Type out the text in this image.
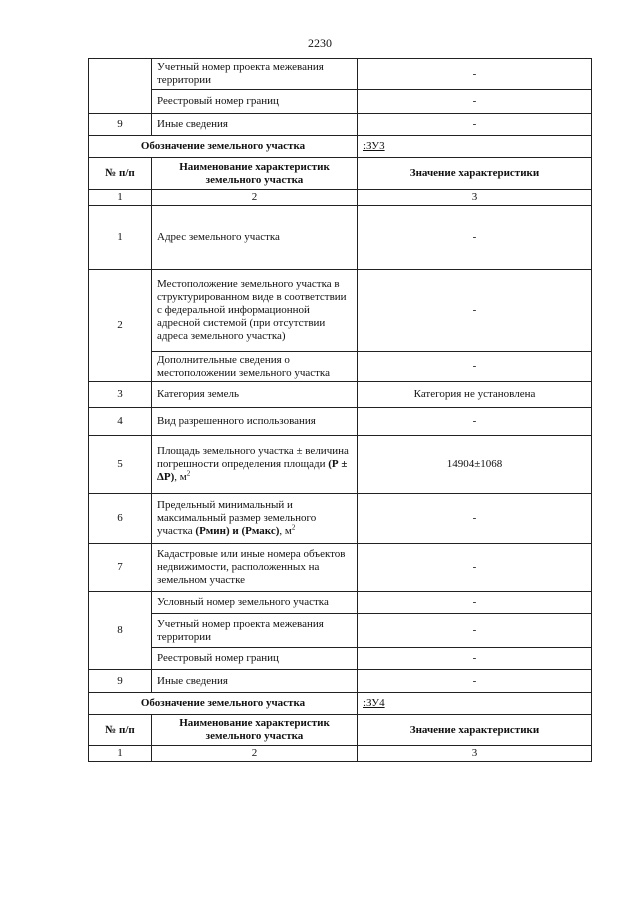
2230
	Учетный номер проекта межевания территории	-
	Реестровый номер границ	-
9	Иные сведения	-
Обозначение земельного участка		:ЗУ3
№ п/п	Наименование характеристик земельного участка	Значение характеристики
1	2	3
1	Адрес земельного участка	-
2	Местоположение земельного участка в структурированном виде в соответствии с федеральной информационной адресной системой (при отсутствии адреса земельного участка)	-
	Дополнительные сведения о местоположении земельного участка	-
3	Категория земель	Категория не установлена
4	Вид разрешенного использования	-
5	Площадь земельного участка ± величина погрешности определения площади (Р ± ΔР), $м^2$	14904±1068
6	Предельный минимальный и максимальный размер земельного участка (Рмин) и (Рмакс), $м^2$	-
7	Кадастровые или иные номера объектов недвижимости, расположенных на земельном участке	-
8	Условный номер земельного участка	-
	Учетный номер проекта межевания территории	-
	Реестровый номер границ	-
9	Иные сведения	-
Обозначение земельного участка		:ЗУ4
№ п/п	Наименование характеристик земельного участка	Значение характеристики
1	2	3
